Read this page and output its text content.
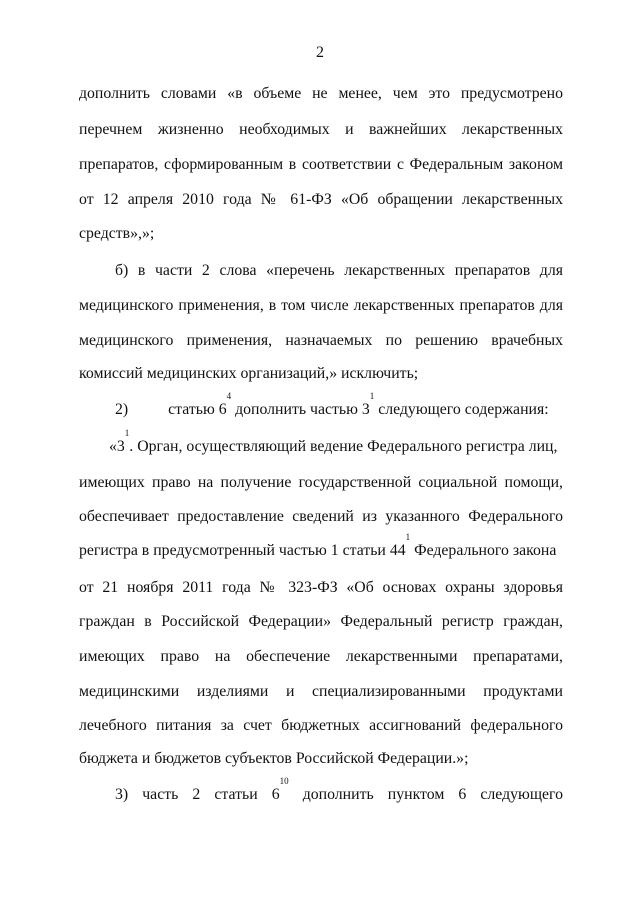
2
дополнить словами «в объеме не менее, чем это предусмотрено
перечнем жизненно необходимых и важнейших лекарственных
препаратов, сформированным в соответствии с Федеральным законом
от 12 апреля 2010 года № 61-ФЗ «Об обращении лекарственных
средств»,»;
б) в части 2 слова «перечень лекарственных препаратов для
медицинского применения, в том числе лекарственных препаратов для
медицинского применения, назначаемых по решению врачебных
комиссий медицинских организаций,» исключить;
2)	статью $6^4$ дополнить частью $3^1$ следующего содержания:
«$3^1$. Орган, осуществляющий ведение Федерального регистра лиц,
имеющих право на получение государственной социальной помощи,
обеспечивает предоставление сведений из указанного Федерального
регистра в предусмотренный частью 1 статьи $44^1$ Федерального закона
от 21 ноября 2011 года № 323-ФЗ «Об основах охраны здоровья
граждан в Российской Федерации» Федеральный регистр граждан,
имеющих право на обеспечение лекарственными препаратами,
медицинскими изделиями и специализированными продуктами
лечебного питания за счет бюджетных ассигнований федерального
бюджета и бюджетов субъектов Российской Федерации.»;
3) часть 2 статьи $6^{10}$ дополнить пунктом 6 следующего
